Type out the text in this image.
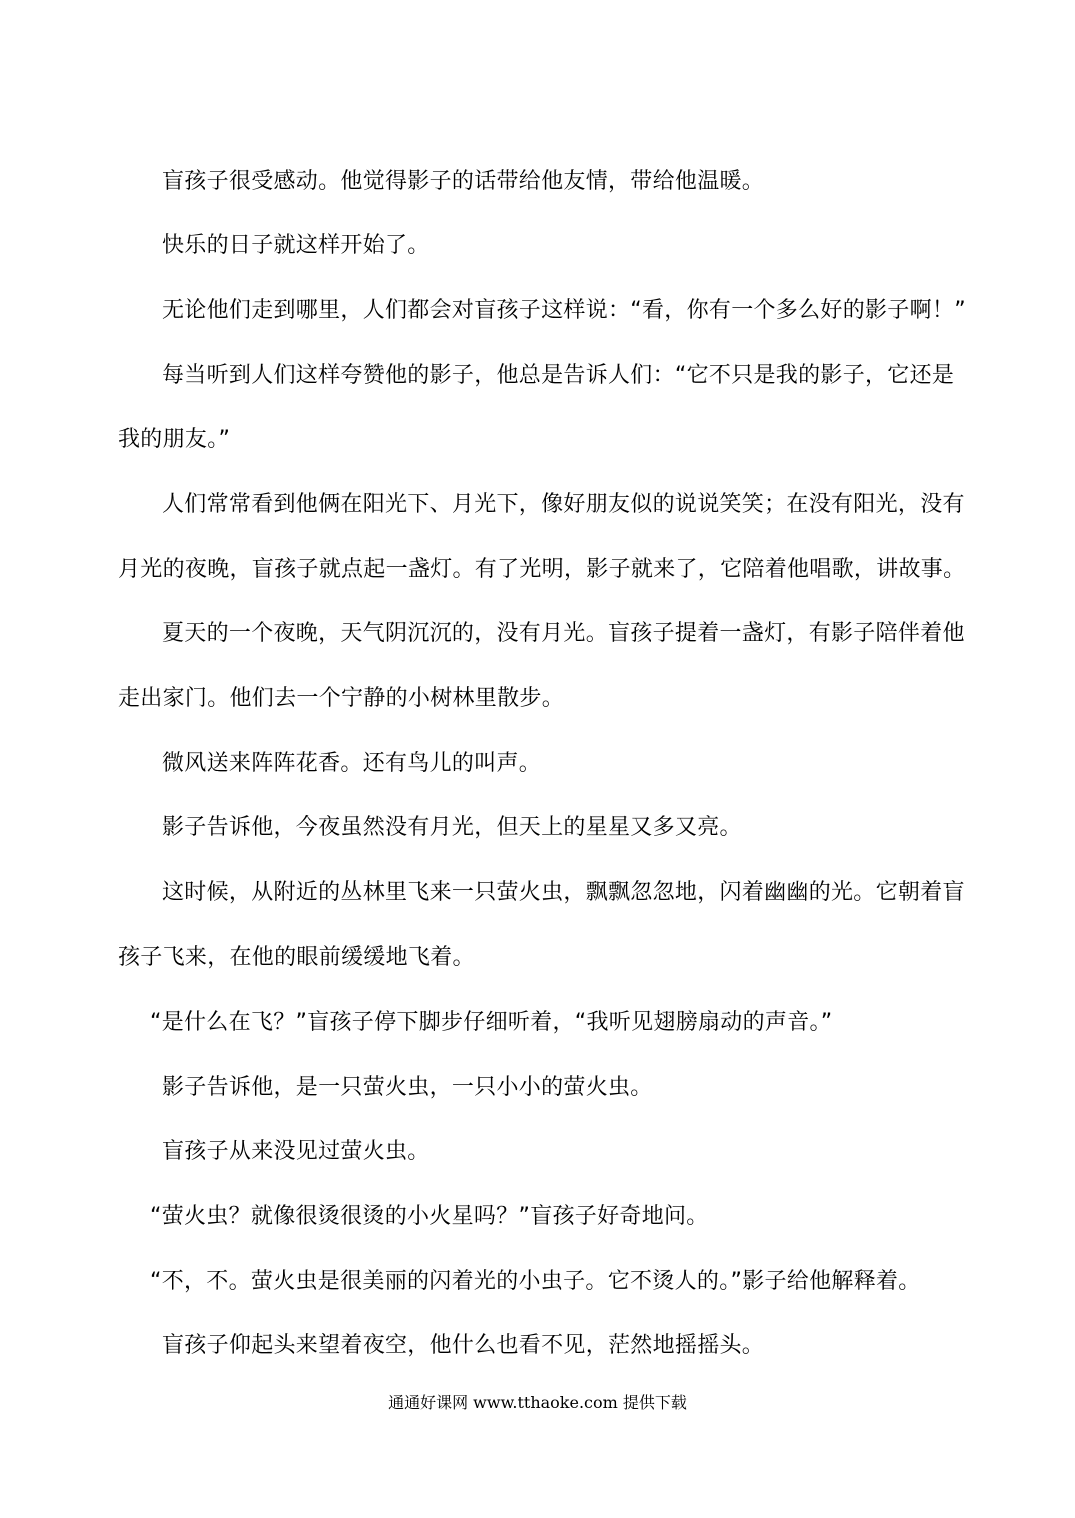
盲孩子很受感动。他觉得影子的话带给他友情，带给他温暖。
快乐的日子就这样开始了。
无论他们走到哪里，人们都会对盲孩子这样说：“看，你有一个多么好的影子啊！”
每当听到人们这样夸赞他的影子，他总是告诉人们：“它不只是我的影子，它还是
我的朋友。”
人们常常看到他俩在阳光下、月光下，像好朋友似的说说笑笑；在没有阳光，没有
月光的夜晚，盲孩子就点起一盏灯。有了光明，影子就来了，它陪着他唱歌，讲故事。
夏天的一个夜晚，天气阴沉沉的，没有月光。盲孩子提着一盏灯，有影子陪伴着他
走出家门。他们去一个宁静的小树林里散步。
微风送来阵阵花香。还有鸟儿的叫声。
影子告诉他，今夜虽然没有月光，但天上的星星又多又亮。
这时候，从附近的丛林里飞来一只萤火虫，飘飘忽忽地，闪着幽幽的光。它朝着盲
孩子飞来，在他的眼前缓缓地飞着。
“是什么在飞？”盲孩子停下脚步仔细听着，“我听见翅膀扇动的声音。”
影子告诉他，是一只萤火虫，一只小小的萤火虫。
盲孩子从来没见过萤火虫。
“萤火虫？就像很烫很烫的小火星吗？”盲孩子好奇地问。
“不，不。萤火虫是很美丽的闪着光的小虫子。它不烫人的。”影子给他解释着。
盲孩子仰起头来望着夜空，他什么也看不见，茫然地摇摇头。
通通好课网 www.tthaoke.com 提供下载
